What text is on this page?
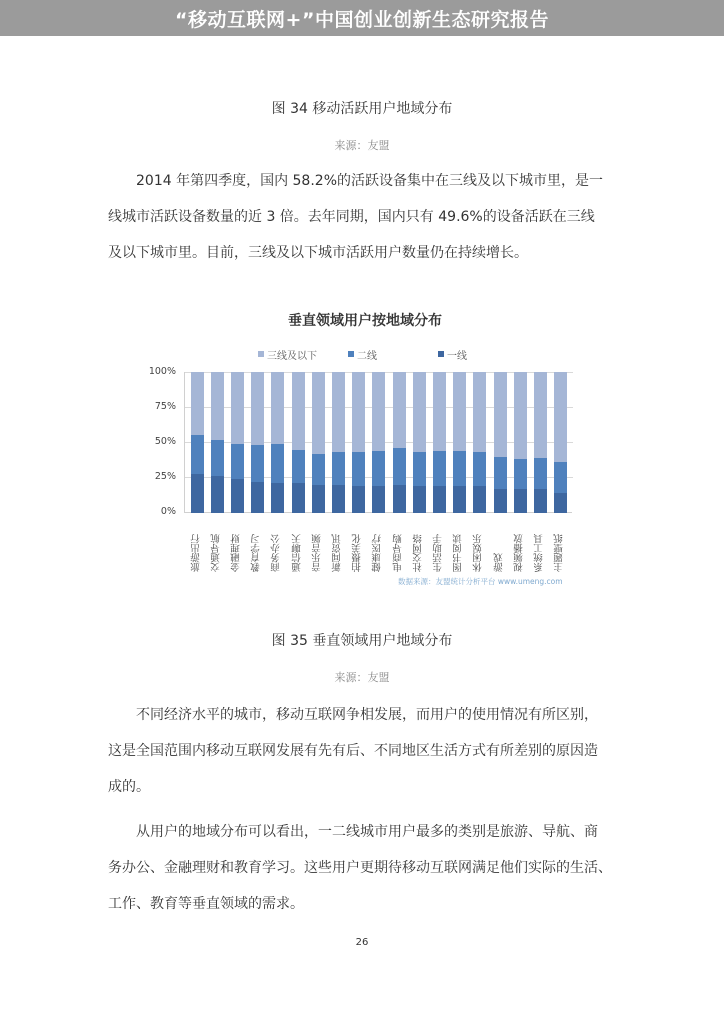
“移动互联网+”中国创业创新生态研究报告
图 34 移动活跃用户地域分布
来源：友盟
2014 年第四季度，国内 58.2%的活跃设备集中在三线及以下城市里，是一
线城市活跃设备数量的近 3 倍。去年同期，国内只有 49.6%的设备活跃在三线
及以下城市里。目前，三线及以下城市活跃用户数量仍在持续增长。
垂直领域用户按地域分布
三线及以下	二线	一线
100%
75%
50%
25%
0%
旅游出行 交通导航 金融理财 教育学习 商务办公 通信聊天 音乐音频 新闻资讯 拍摄美化 健康医疗 电商导购 社交网络 生活助手 图书阅读 休闲娱乐 游戏 视频播放 系统工具 主题壁纸
数据来源：友盟统计分析平台 www.umeng.com
图 35 垂直领域用户地域分布
来源：友盟
不同经济水平的城市，移动互联网争相发展，而用户的使用情况有所区别，
这是全国范围内移动互联网发展有先有后、不同地区生活方式有所差别的原因造
成的。
从用户的地域分布可以看出，一二线城市用户最多的类别是旅游、导航、商
务办公、金融理财和教育学习。这些用户更期待移动互联网满足他们实际的生活、
工作、教育等垂直领域的需求。
26
